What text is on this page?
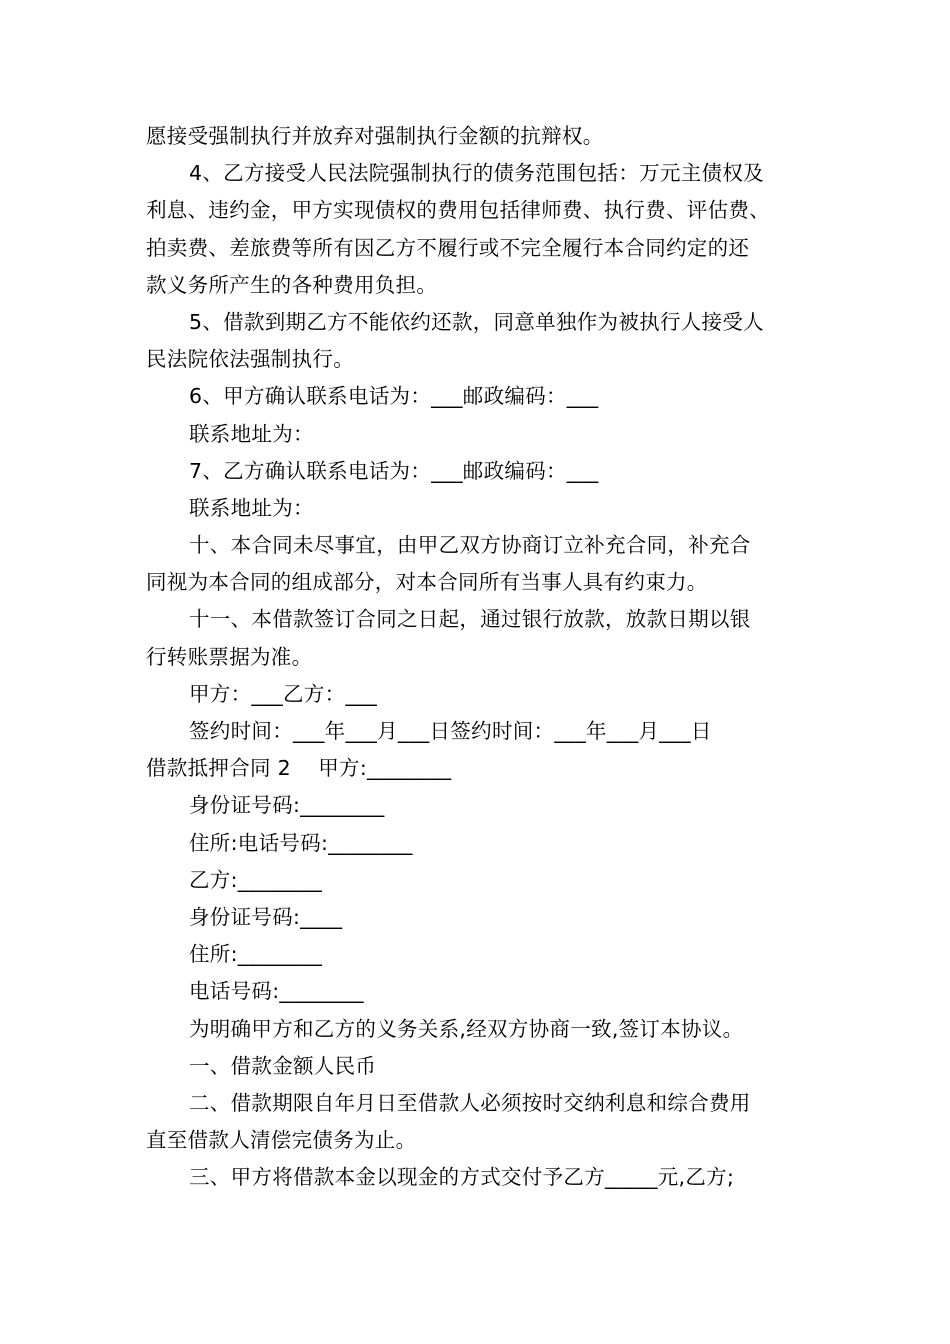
愿接受强制执行并放弃对强制执行金额的抗辩权。
4、乙方接受人民法院强制执行的债务范围包括：万元主债权及
利息、违约金，甲方实现债权的费用包括律师费、执行费、评估费、
拍卖费、差旅费等所有因乙方不履行或不完全履行本合同约定的还
款义务所产生的各种费用负担。
5、借款到期乙方不能依约还款，同意单独作为被执行人接受人
民法院依法强制执行。
6、甲方确认联系电话为：___邮政编码：___
联系地址为：
7、乙方确认联系电话为：___邮政编码：___
联系地址为：
十、本合同未尽事宜，由甲乙双方协商订立补充合同，补充合
同视为本合同的组成部分，对本合同所有当事人具有约束力。
十一、本借款签订合同之日起，通过银行放款，放款日期以银
行转账票据为准。
甲方：___乙方：___
签约时间：___年___月___日签约时间：___年___月___日
借款抵押合同 2    甲方:________
身份证号码:________
住所:电话号码:________
乙方:________
身份证号码:____
住所:________
电话号码:________
为明确甲方和乙方的义务关系,经双方协商一致,签订本协议。
一、借款金额人民币
二、借款期限自年月日至借款人必须按时交纳利息和综合费用
直至借款人清偿完债务为止。
三、甲方将借款本金以现金的方式交付予乙方_____元,乙方;
